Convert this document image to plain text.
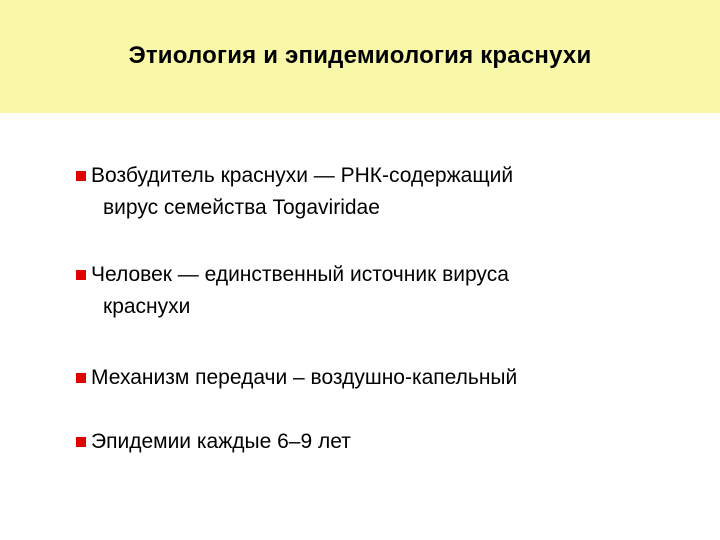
Этиология и эпидемиология краснухи
Возбудитель краснухи — РНК-содержащий
вирус семейства Togaviridae
Человек — единственный источник вируса
краснухи
Механизм передачи – воздушно-капельный
Эпидемии каждые 6–9 лет
